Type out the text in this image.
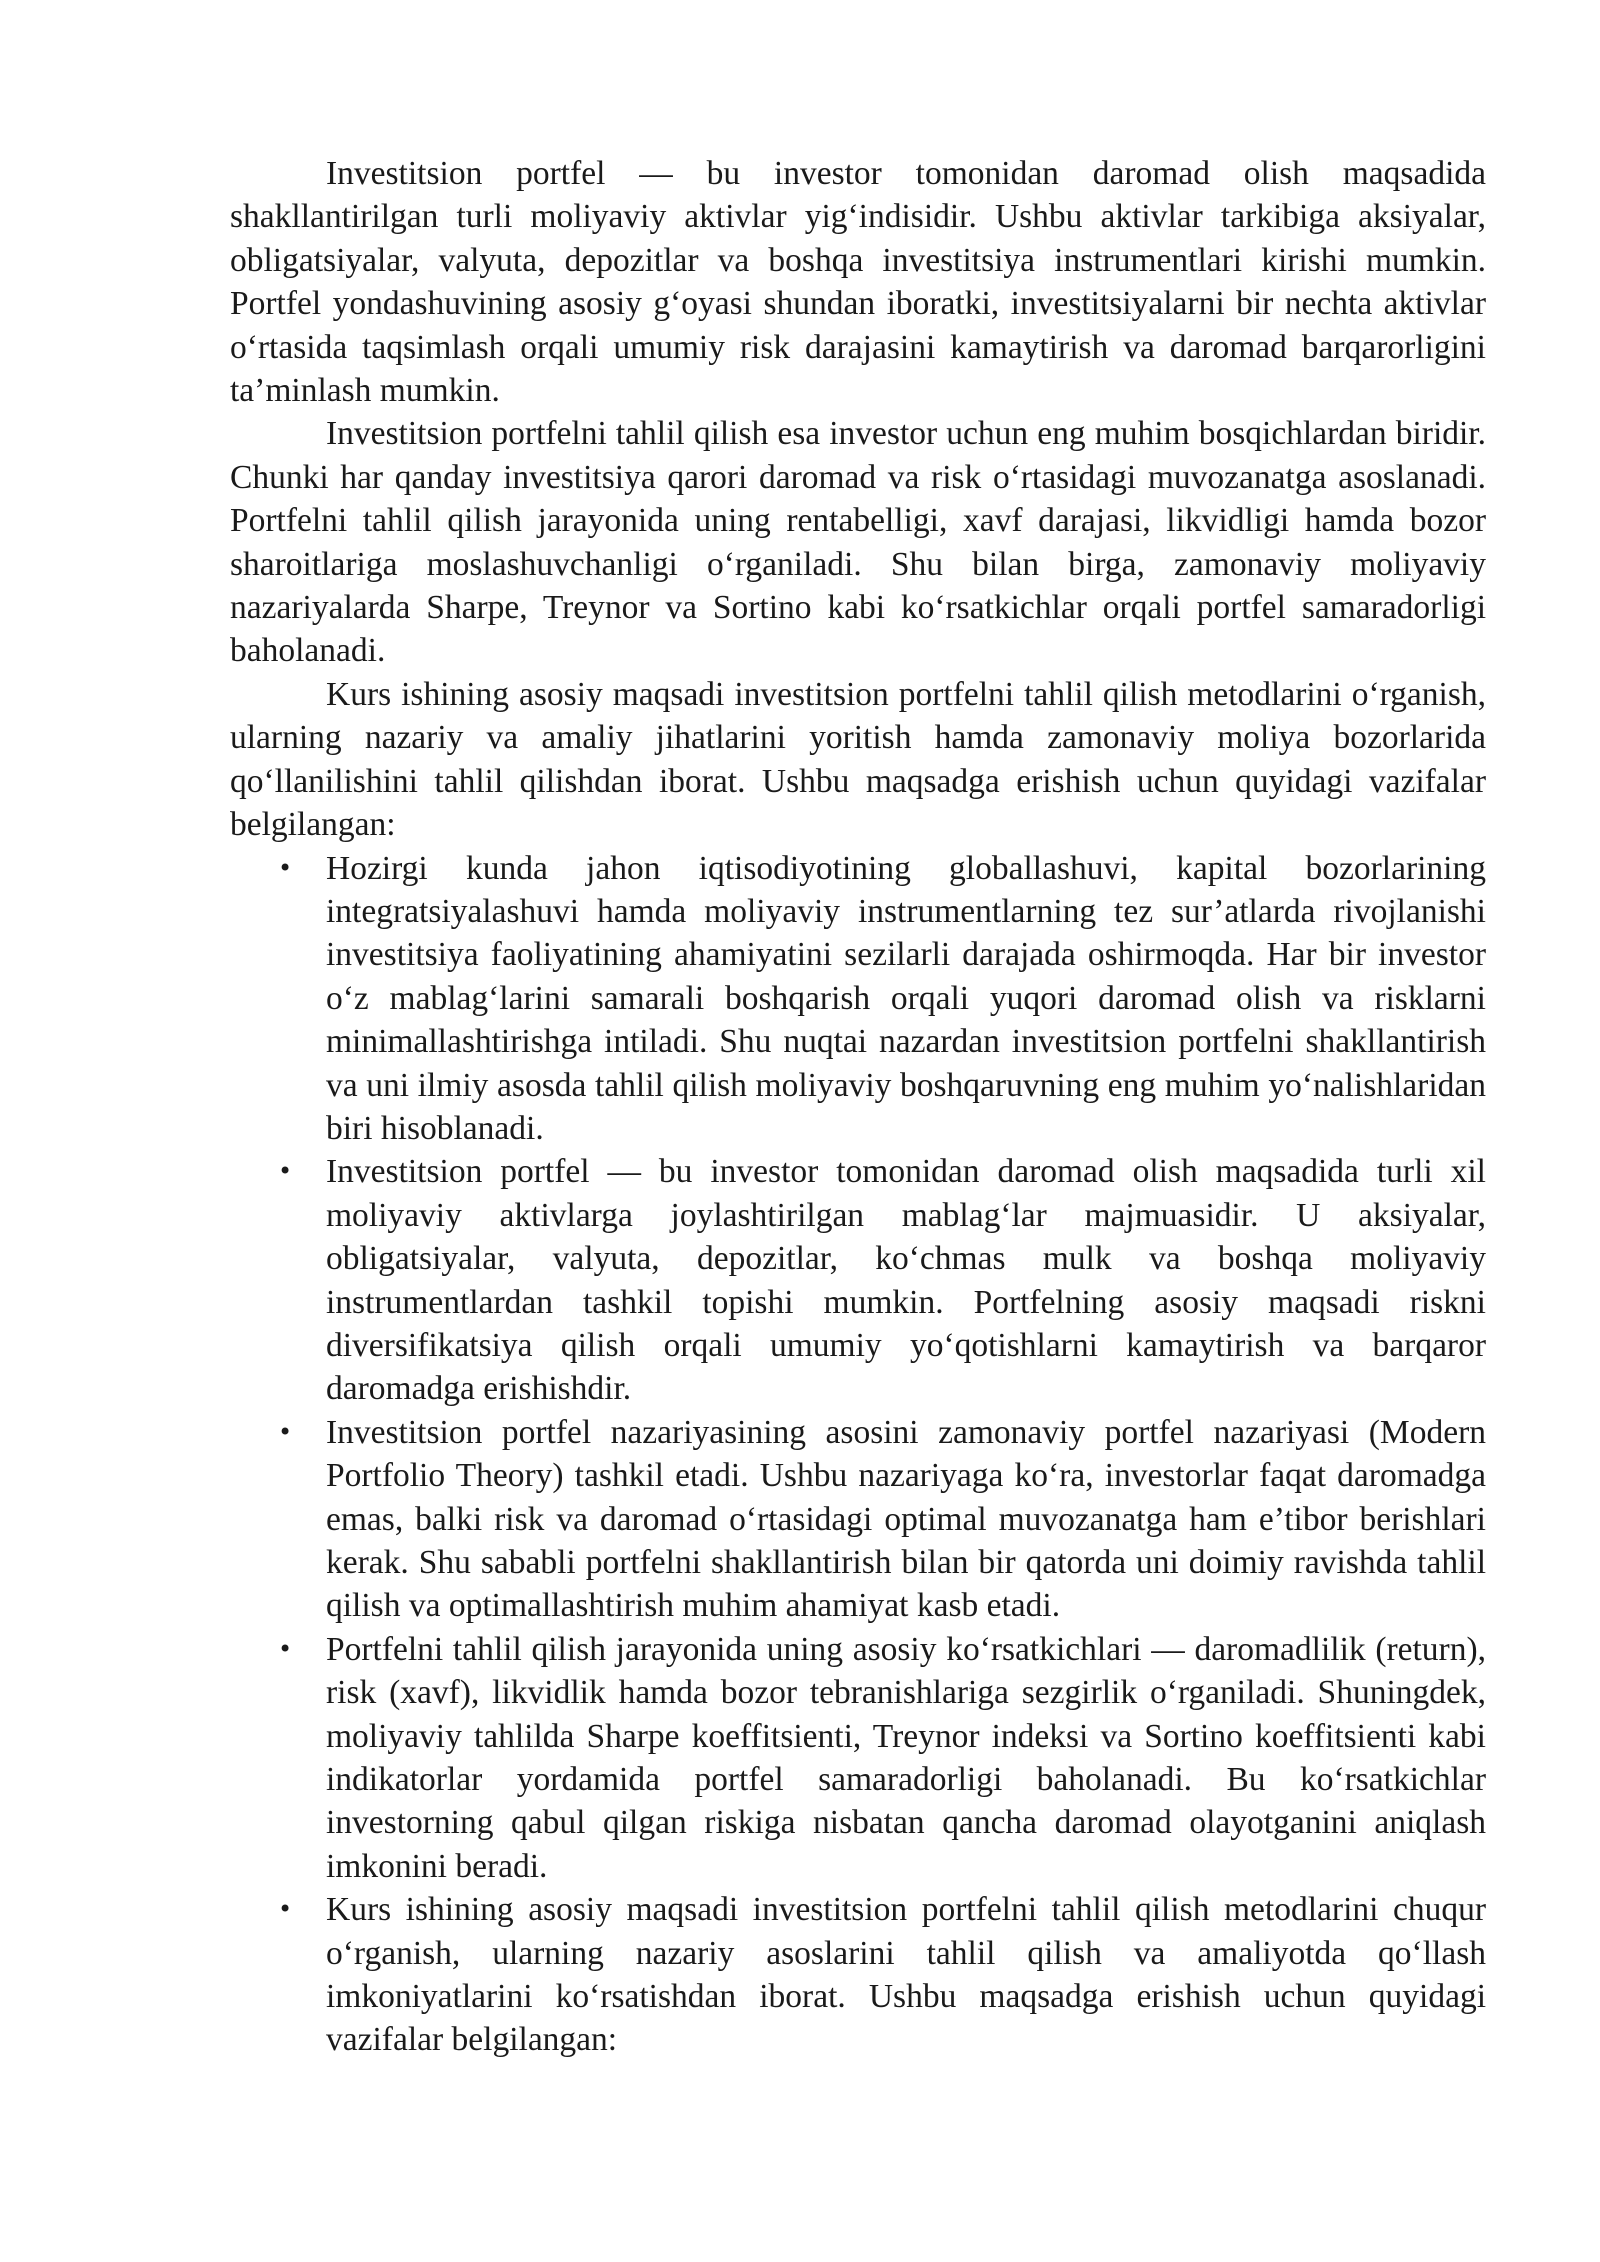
Investitsion portfel — bu investor tomonidan daromad olish maqsadida shakllantirilgan turli moliyaviy aktivlar yig‘indisidir. Ushbu aktivlar tarkibiga aksiyalar, obligatsiyalar, valyuta, depozitlar va boshqa investitsiya instrumentlari kirishi mumkin. Portfel yondashuvining asosiy g‘oyasi shundan iboratki, investitsiyalarni bir nechta aktivlar o‘rtasida taqsimlash orqali umumiy risk darajasini kamaytirish va daromad barqarorligini ta’minlash mumkin.

Investitsion portfelni tahlil qilish esa investor uchun eng muhim bosqichlardan biridir. Chunki har qanday investitsiya qarori daromad va risk o‘rtasidagi muvozanatga asoslanadi. Portfelni tahlil qilish jarayonida uning rentabelligi, xavf darajasi, likvidligi hamda bozor sharoitlariga moslashuvchanligi o‘rganiladi. Shu bilan birga, zamonaviy moliyaviy nazariyalarda Sharpe, Treynor va Sortino kabi ko‘rsatkichlar orqali portfel samaradorligi baholanadi.

Kurs ishining asosiy maqsadi investitsion portfelni tahlil qilish metodlarini o‘rganish, ularning nazariy va amaliy jihatlarini yoritish hamda zamonaviy moliya bozorlarida qo‘llanilishini tahlil qilishdan iborat. Ushbu maqsadga erishish uchun quyidagi vazifalar belgilangan:

• Hozirgi kunda jahon iqtisodiyotining globallashuvi, kapital bozorlarining integratsiyalashuvi hamda moliyaviy instrumentlarning tez sur’atlarda rivojlanishi investitsiya faoliyatining ahamiyatini sezilarli darajada oshirmoqda. Har bir investor o‘z mablag‘larini samarali boshqarish orqali yuqori daromad olish va risklarni minimallashtirishga intiladi. Shu nuqtai nazardan investitsion portfelni shakllantirish va uni ilmiy asosda tahlil qilish moliyaviy boshqaruvning eng muhim yo‘nalishlaridan biri hisoblanadi.
• Investitsion portfel — bu investor tomonidan daromad olish maqsadida turli xil moliyaviy aktivlarga joylashtirilgan mablag‘lar majmuasidir. U aksiyalar, obligatsiyalar, valyuta, depozitlar, ko‘chmas mulk va boshqa moliyaviy instrumentlardan tashkil topishi mumkin. Portfelning asosiy maqsadi riskni diversifikatsiya qilish orqali umumiy yo‘qotishlarni kamaytirish va barqaror daromadga erishishdir.
• Investitsion portfel nazariyasining asosini zamonaviy portfel nazariyasi (Modern Portfolio Theory) tashkil etadi. Ushbu nazariyaga ko‘ra, investorlar faqat daromadga emas, balki risk va daromad o‘rtasidagi optimal muvozanatga ham e’tibor berishlari kerak. Shu sababli portfelni shakllantirish bilan bir qatorda uni doimiy ravishda tahlil qilish va optimallashtirish muhim ahamiyat kasb etadi.
• Portfelni tahlil qilish jarayonida uning asosiy ko‘rsatkichlari — daromadlilik (return), risk (xavf), likvidlik hamda bozor tebranishlariga sezgirlik o‘rganiladi. Shuningdek, moliyaviy tahlilda Sharpe koeffitsienti, Treynor indeksi va Sortino koeffitsienti kabi indikatorlar yordamida portfel samaradorligi baholanadi. Bu ko‘rsatkichlar investorning qabul qilgan riskiga nisbatan qancha daromad olayotganini aniqlash imkonini beradi.
• Kurs ishining asosiy maqsadi investitsion portfelni tahlil qilish metodlarini chuqur o‘rganish, ularning nazariy asoslarini tahlil qilish va amaliyotda qo‘llash imkoniyatlarini ko‘rsatishdan iborat. Ushbu maqsadga erishish uchun quyidagi vazifalar belgilangan:
